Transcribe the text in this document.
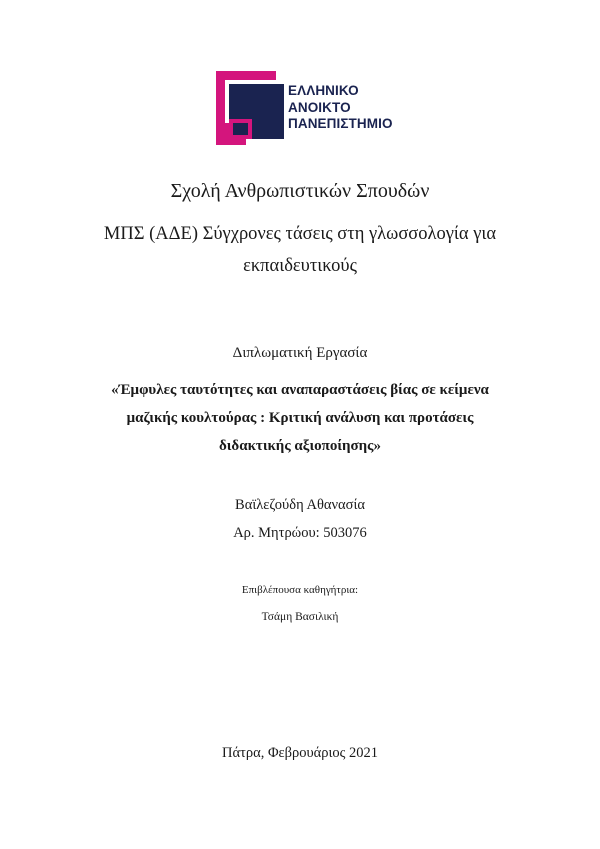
ΕΛΛΗΝΙΚΟ
ΑΝΟΙΚΤΟ
ΠΑΝΕΠΙΣΤΗΜΙΟ
Σχολή Ανθρωπιστικών Σπουδών
ΜΠΣ (ΑΔΕ) Σύγχρονες τάσεις στη γλωσσολογία για
εκπαιδευτικούς
Διπλωματική Εργασία
«Έμφυλες ταυτότητες και αναπαραστάσεις βίας σε κείμενα
μαζικής κουλτούρας : Κριτική ανάλυση και προτάσεις
διδακτικής αξιοποίησης»
Βαϊλεζούδη Αθανασία
Αρ. Μητρώου: 503076
Επιβλέπουσα καθηγήτρια:
Τσάμη Βασιλική
Πάτρα, Φεβρουάριος 2021
